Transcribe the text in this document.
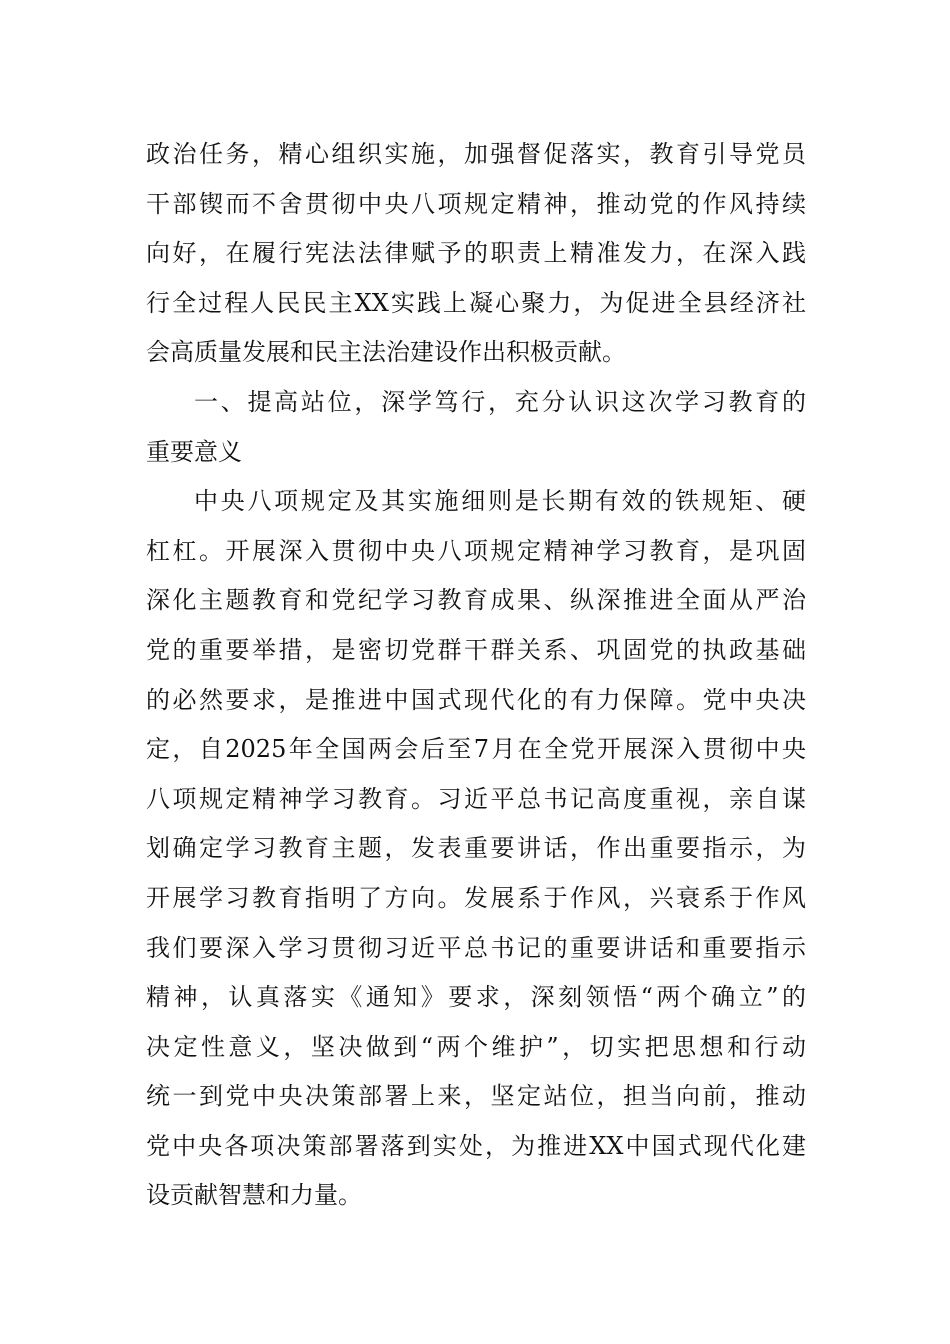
政治任务，精心组织实施，加强督促落实，教育引导党员
干部锲而不舍贯彻中央八项规定精神，推动党的作风持续
向好，在履行宪法法律赋予的职责上精准发力，在深入践
行全过程人民民主XX实践上凝心聚力，为促进全县经济社
会高质量发展和民主法治建设作出积极贡献。
一、提高站位，深学笃行，充分认识这次学习教育的
重要意义
中央八项规定及其实施细则是长期有效的铁规矩、硬
杠杠。开展深入贯彻中央八项规定精神学习教育，是巩固
深化主题教育和党纪学习教育成果、纵深推进全面从严治
党的重要举措，是密切党群干群关系、巩固党的执政基础
的必然要求，是推进中国式现代化的有力保障。党中央决
定，自2025年全国两会后至7月在全党开展深入贯彻中央
八项规定精神学习教育。习近平总书记高度重视，亲自谋
划确定学习教育主题，发表重要讲话，作出重要指示，为
开展学习教育指明了方向。发展系于作风，兴衰系于作风
我们要深入学习贯彻习近平总书记的重要讲话和重要指示
精神，认真落实《通知》要求，深刻领悟“两个确立”的
决定性意义，坚决做到“两个维护”，切实把思想和行动
统一到党中央决策部署上来，坚定站位，担当向前，推动
党中央各项决策部署落到实处，为推进XX中国式现代化建
设贡献智慧和力量。
